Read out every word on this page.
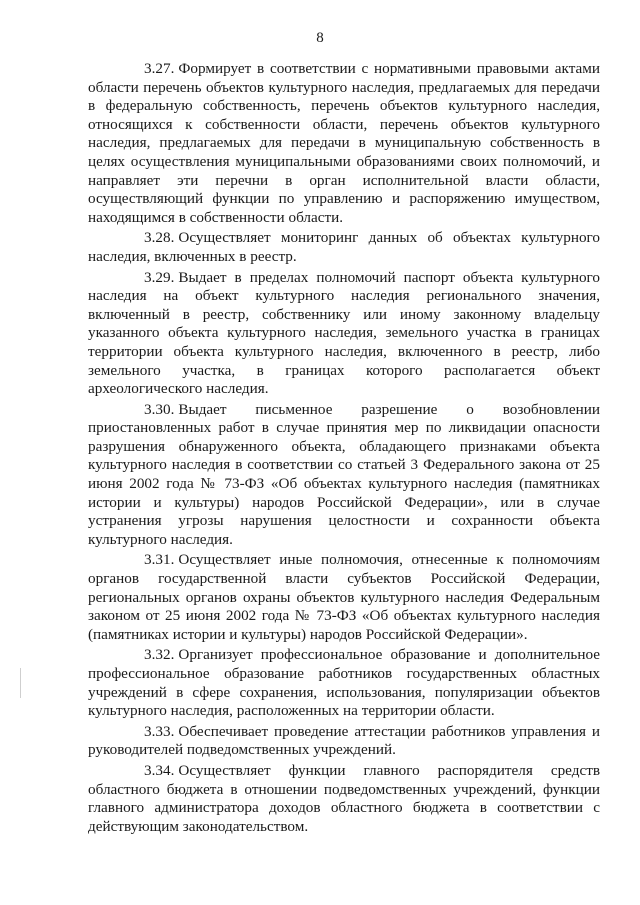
8

3.27. Формирует в соответствии с нормативными правовыми актами области перечень объектов культурного наследия, предлагаемых для передачи в федеральную собственность, перечень объектов культурного наследия, относящихся к собственности области, перечень объектов культурного наследия, предлагаемых для передачи в муниципальную собственность в целях осуществления муниципальными образованиями своих полномочий, и направляет эти перечни в орган исполнительной власти области, осуществляющий функции по управлению и распоряжению имуществом, находящимся в собственности области.

3.28. Осуществляет мониторинг данных об объектах культурного наследия, включенных в реестр.

3.29. Выдает в пределах полномочий паспорт объекта культурного наследия на объект культурного наследия регионального значения, включенный в реестр, собственнику или иному законному владельцу указанного объекта культурного наследия, земельного участка в границах территории объекта культурного наследия, включенного в реестр, либо земельного участка, в границах которого располагается объект археологического наследия.

3.30. Выдает письменное разрешение о возобновлении приостановленных работ в случае принятия мер по ликвидации опасности разрушения обнаруженного объекта, обладающего признаками объекта культурного наследия в соответствии со статьей 3 Федерального закона от 25 июня 2002 года № 73-ФЗ «Об объектах культурного наследия (памятниках истории и культуры) народов Российской Федерации», или в случае устранения угрозы нарушения целостности и сохранности объекта культурного наследия.

3.31. Осуществляет иные полномочия, отнесенные к полномочиям органов государственной власти субъектов Российской Федерации, региональных органов охраны объектов культурного наследия Федеральным законом от 25 июня 2002 года № 73-ФЗ «Об объектах культурного наследия (памятниках истории и культуры) народов Российской Федерации».

3.32. Организует профессиональное образование и дополнительное профессиональное образование работников государственных областных учреждений в сфере сохранения, использования, популяризации объектов культурного наследия, расположенных на территории области.

3.33. Обеспечивает проведение аттестации работников управления и руководителей подведомственных учреждений.

3.34. Осуществляет функции главного распорядителя средств областного бюджета в отношении подведомственных учреждений, функции главного администратора доходов областного бюджета в соответствии с действующим законодательством.
